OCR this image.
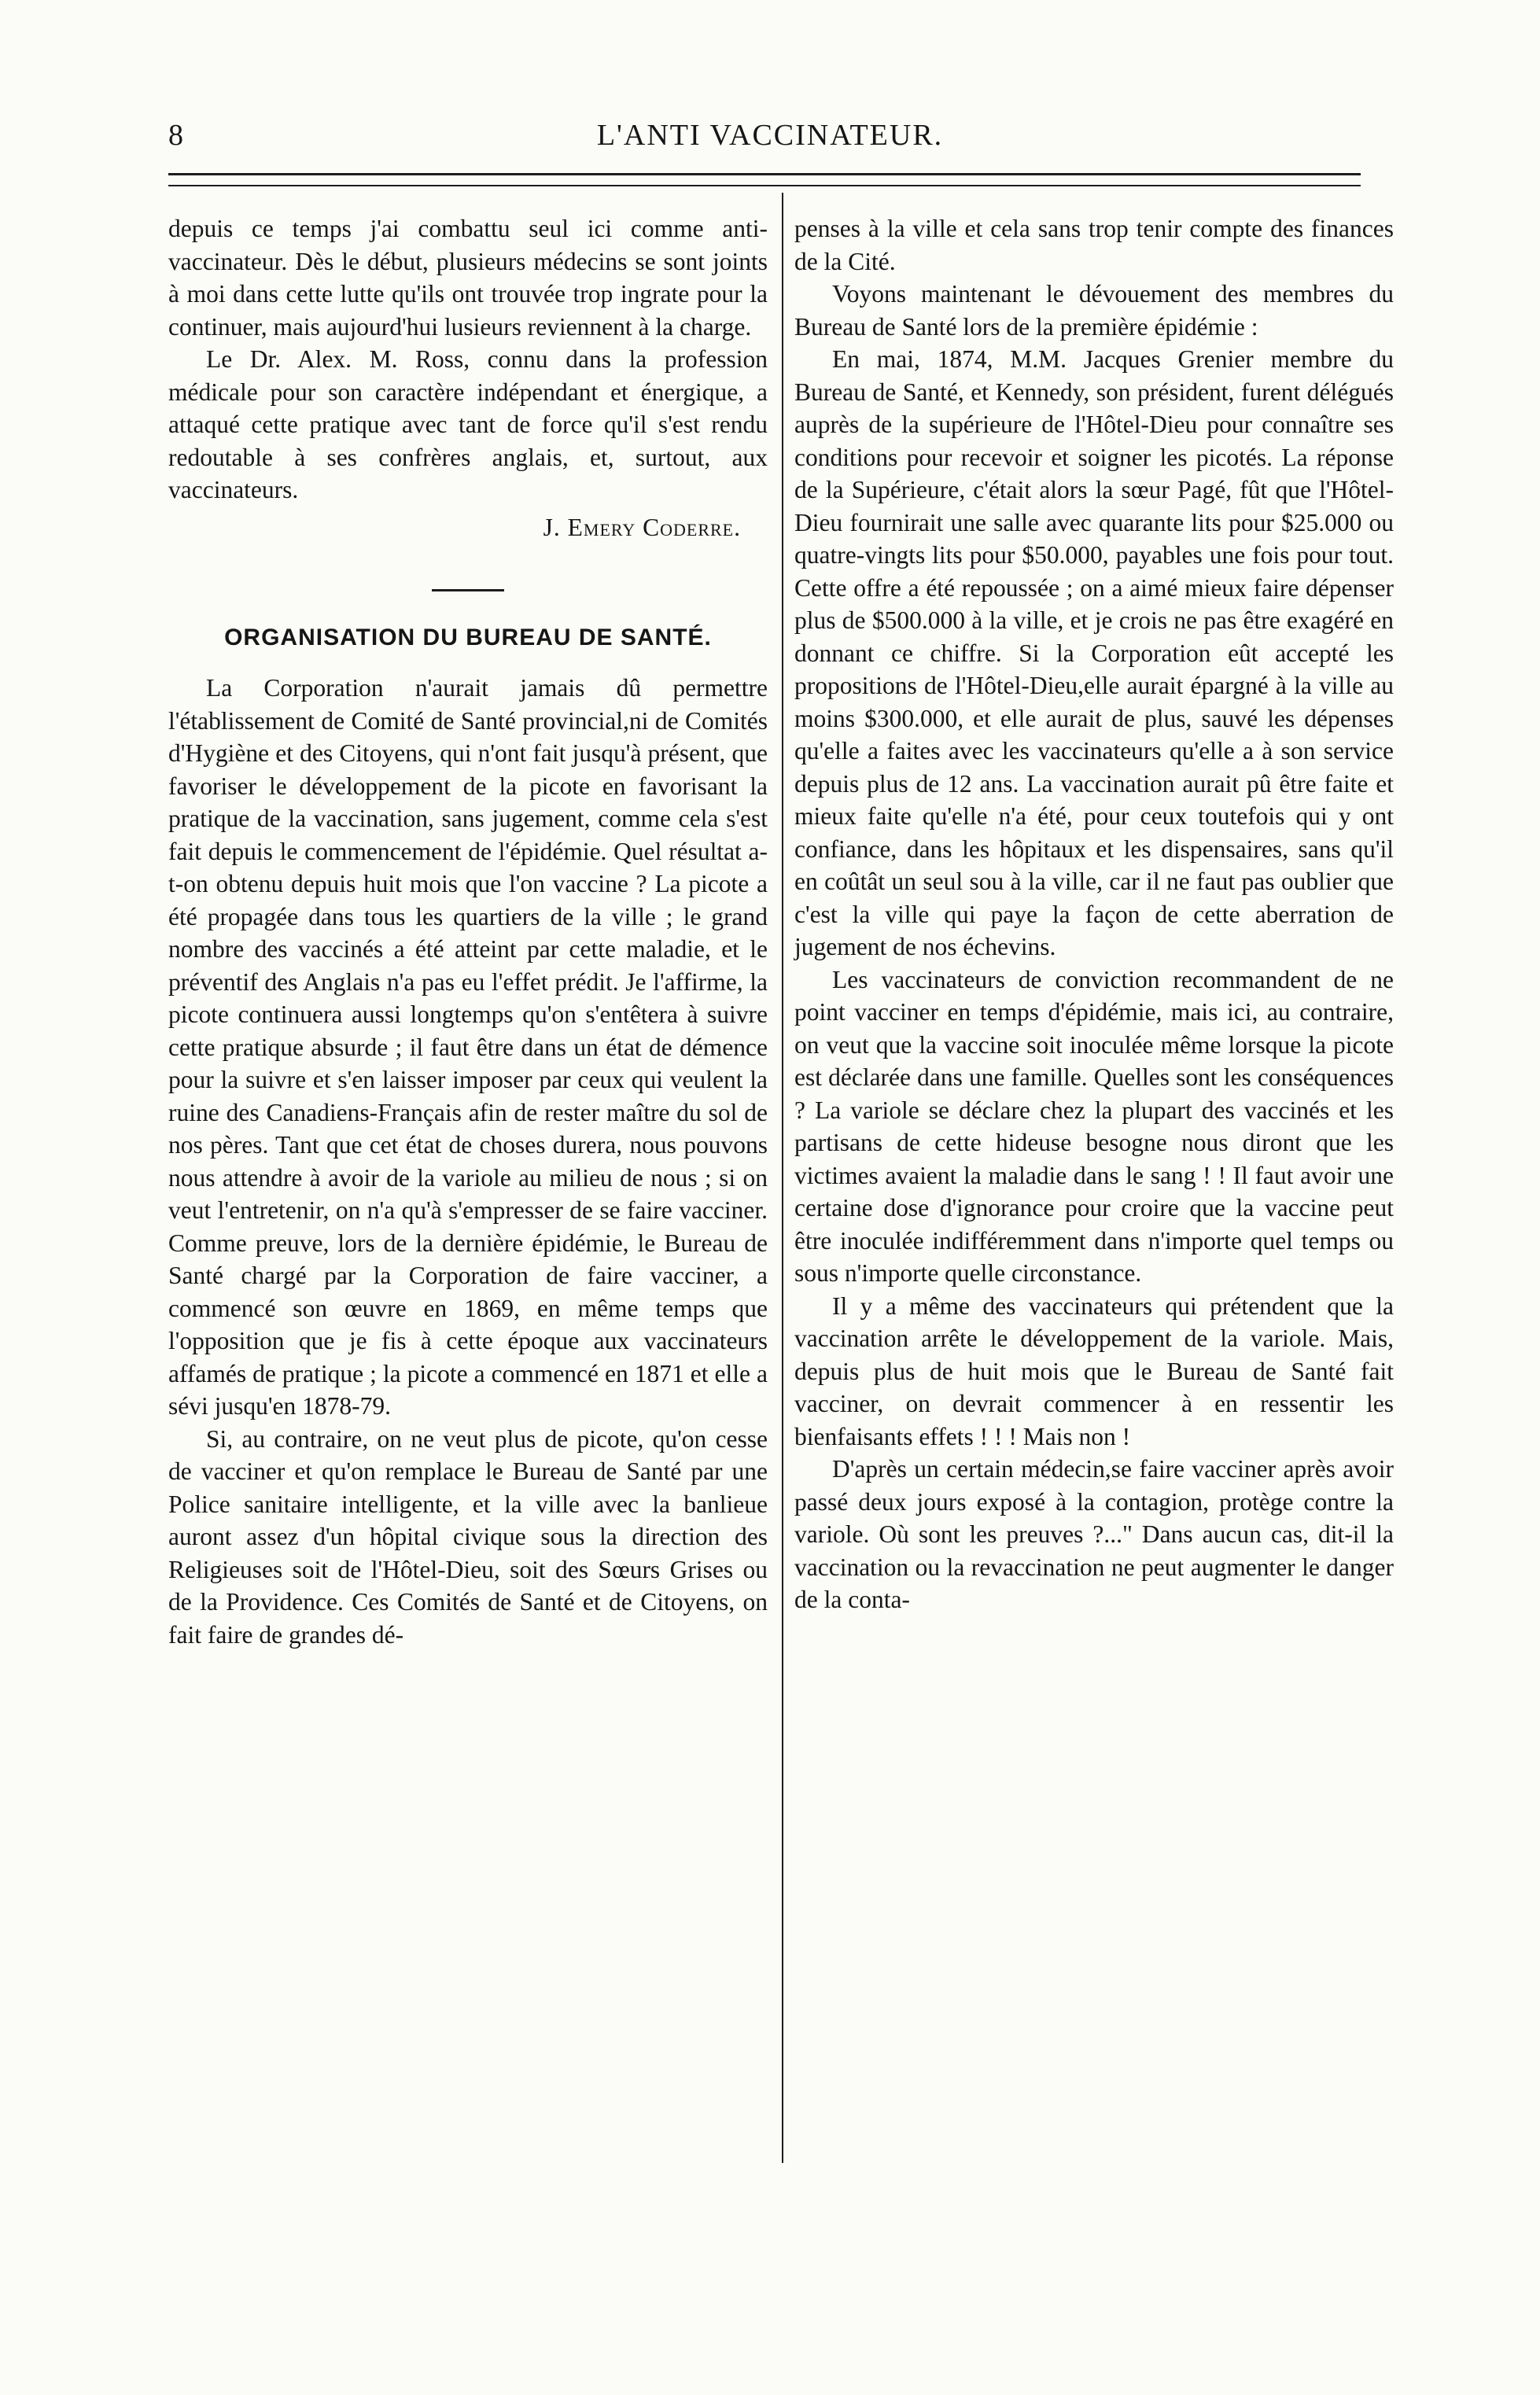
8	L'ANTI VACCINATEUR.

depuis ce temps j'ai combattu seul ici comme anti-vaccinateur. Dès le début, plusieurs médecins se sont joints à moi dans cette lutte qu'ils ont trouvée trop ingrate pour la continuer, mais aujourd'hui lusieurs reviennent à la charge.

Le Dr. Alex. M. Ross, connu dans la profession médicale pour son caractère indépendant et énergique, a attaqué cette pratique avec tant de force qu'il s'est rendu redoutable à ses confrères anglais, et, surtout, aux vaccinateurs.

J. Emery Coderre.

ORGANISATION DU BUREAU DE SANTÉ.

La Corporation n'aurait jamais dû permettre l'établissement de Comité de Santé provincial,ni de Comités d'Hygiène et des Citoyens, qui n'ont fait jusqu'à présent, que favoriser le développement de la picote en favorisant la pratique de la vaccination, sans jugement, comme cela s'est fait depuis le commencement de l'épidémie. Quel résultat a-t-on obtenu depuis huit mois que l'on vaccine ? La picote a été propagée dans tous les quartiers de la ville ; le grand nombre des vaccinés a été atteint par cette maladie, et le préventif des Anglais n'a pas eu l'effet prédit. Je l'affirme, la picote continuera aussi longtemps qu'on s'entêtera à suivre cette pratique absurde ; il faut être dans un état de démence pour la suivre et s'en laisser imposer par ceux qui veulent la ruine des Canadiens-Français afin de rester maître du sol de nos pères. Tant que cet état de choses durera, nous pouvons nous attendre à avoir de la variole au milieu de nous ; si on veut l'entretenir, on n'a qu'à s'empresser de se faire vacciner. Comme preuve, lors de la dernière épidémie, le Bureau de Santé chargé par la Corporation de faire vacciner, a commencé son œuvre en 1869, en même temps que l'opposition que je fis à cette époque aux vaccinateurs affamés de pratique ; la picote a commencé en 1871 et elle a sévi jusqu'en 1878-79.

Si, au contraire, on ne veut plus de picote, qu'on cesse de vacciner et qu'on remplace le Bureau de Santé par une Police sanitaire intelligente, et la ville avec la banlieue auront assez d'un hôpital civique sous la direction des Religieuses soit de l'Hôtel-Dieu, soit des Sœurs Grises ou de la Providence. Ces Comités de Santé et de Citoyens, on fait faire de grandes dé-

penses à la ville et cela sans trop tenir compte des finances de la Cité.

Voyons maintenant le dévouement des membres du Bureau de Santé lors de la première épidémie :

En mai, 1874, M.M. Jacques Grenier membre du Bureau de Santé, et Kennedy, son président, furent délégués auprès de la supérieure de l'Hôtel-Dieu pour connaître ses conditions pour recevoir et soigner les picotés. La réponse de la Supérieure, c'était alors la sœur Pagé, fût que l'Hôtel-Dieu fournirait une salle avec quarante lits pour $25.000 ou quatre-vingts lits pour $50.000, payables une fois pour tout. Cette offre a été repoussée ; on a aimé mieux faire dépenser plus de $500.000 à la ville, et je crois ne pas être exagéré en donnant ce chiffre. Si la Corporation eût accepté les propositions de l'Hôtel-Dieu,elle aurait épargné à la ville au moins $300.000, et elle aurait de plus, sauvé les dépenses qu'elle a faites avec les vaccinateurs qu'elle a à son service depuis plus de 12 ans. La vaccination aurait pû être faite et mieux faite qu'elle n'a été, pour ceux toutefois qui y ont confiance, dans les hôpitaux et les dispensaires, sans qu'il en coûtât un seul sou à la ville, car il ne faut pas oublier que c'est la ville qui paye la façon de cette aberration de jugement de nos échevins.

Les vaccinateurs de conviction recommandent de ne point vacciner en temps d'épidémie, mais ici, au contraire, on veut que la vaccine soit inoculée même lorsque la picote est déclarée dans une famille. Quelles sont les conséquences ? La variole se déclare chez la plupart des vaccinés et les partisans de cette hideuse besogne nous diront que les victimes avaient la maladie dans le sang ! ! Il faut avoir une certaine dose d'ignorance pour croire que la vaccine peut être inoculée indifféremment dans n'importe quel temps ou sous n'importe quelle circonstance.

Il y a même des vaccinateurs qui prétendent que la vaccination arrête le développement de la variole. Mais, depuis plus de huit mois que le Bureau de Santé fait vacciner, on devrait commencer à en ressentir les bienfaisants effets ! ! ! Mais non !

D'après un certain médecin,se faire vacciner après avoir passé deux jours exposé à la contagion, protège contre la variole. Où sont les preuves ?..." Dans aucun cas, dit-il la vaccination ou la revaccination ne peut augmenter le danger de la conta-
